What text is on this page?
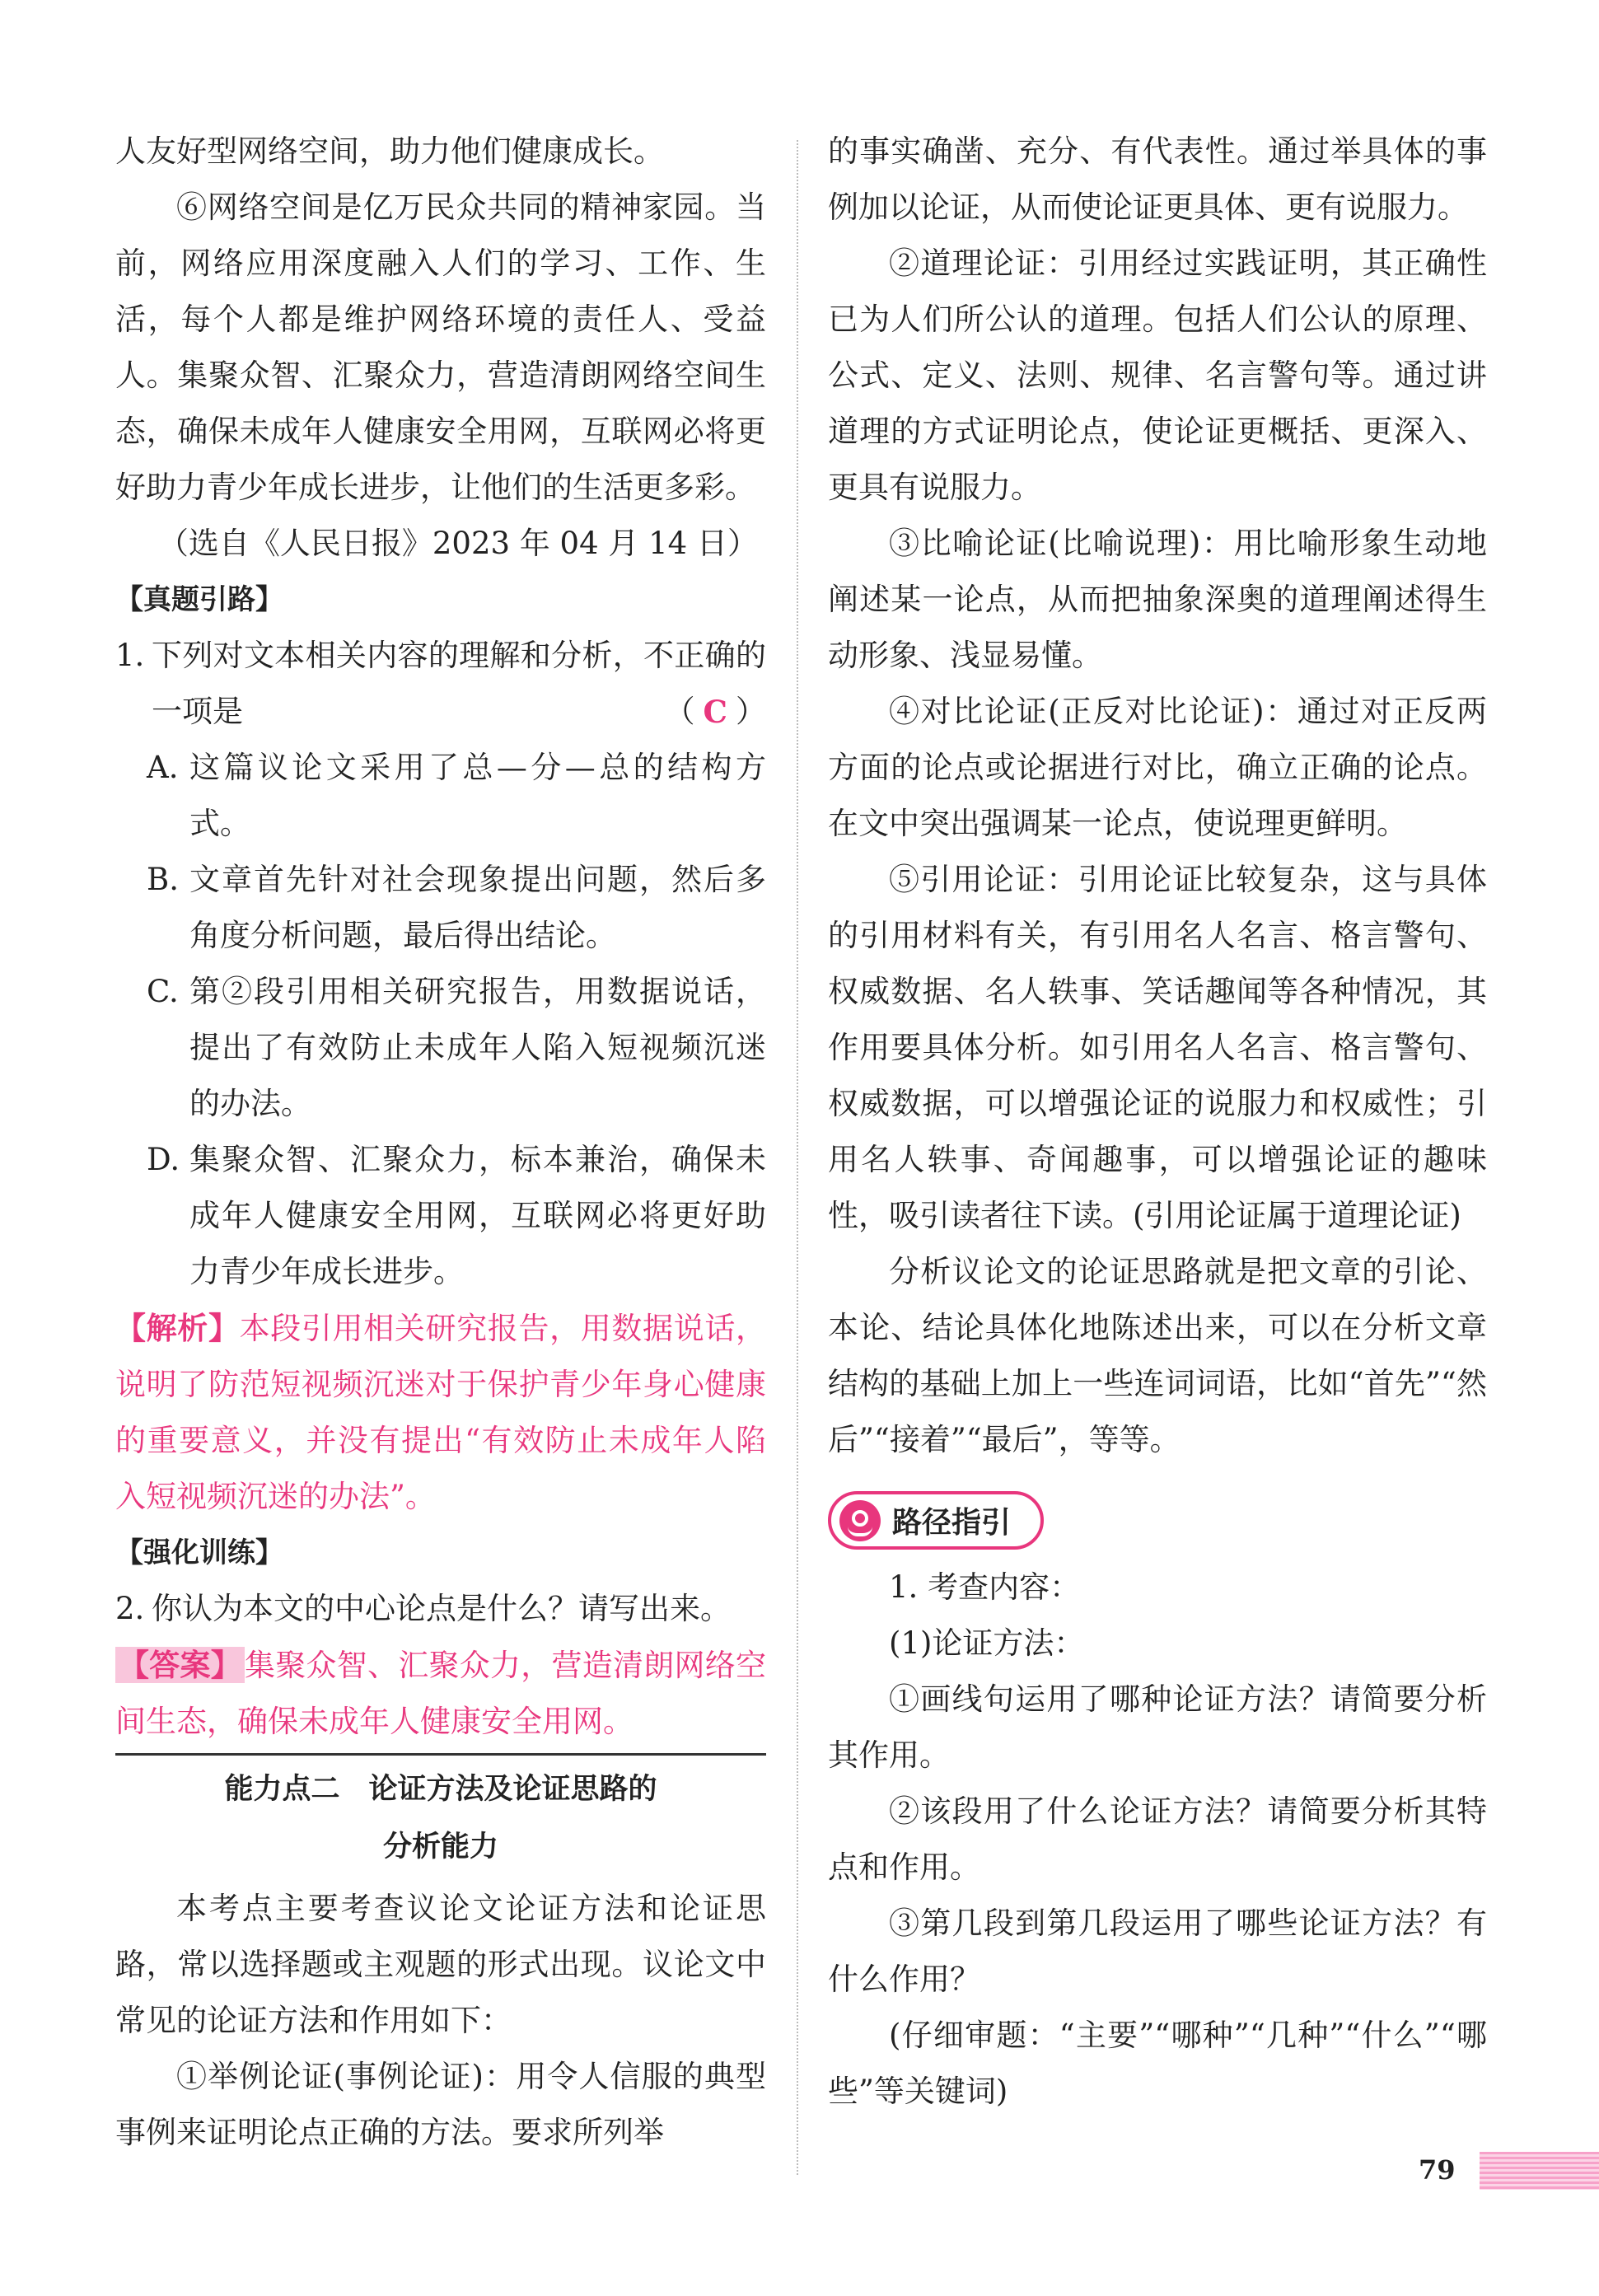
人友好型网络空间，助力他们健康成长。

⑥网络空间是亿万民众共同的精神家园。当前，网络应用深度融入人们的学习、工作、生活，每个人都是维护网络环境的责任人、受益人。集聚众智、汇聚众力，营造清朗网络空间生态，确保未成年人健康安全用网，互联网必将更好助力青少年成长进步，让他们的生活更多彩。

（选自《人民日报》2023 年 04 月 14 日）

【真题引路】

1. 下列对文本相关内容的理解和分析，不正确的一项是	（ C ）
A. 这篇议论文采用了总—分—总的结构方式。
B. 文章首先针对社会现象提出问题，然后多角度分析问题，最后得出结论。
C. 第②段引用相关研究报告，用数据说话，提出了有效防止未成年人陷入短视频沉迷的办法。
D. 集聚众智、汇聚众力，标本兼治，确保未成年人健康安全用网，互联网必将更好助力青少年成长进步。

【解析】本段引用相关研究报告，用数据说话，说明了防范短视频沉迷对于保护青少年身心健康的重要意义，并没有提出“有效防止未成年人陷入短视频沉迷的办法”。

【强化训练】

2. 你认为本文的中心论点是什么？请写出来。

【答案】 集聚众智、汇聚众力，营造清朗网络空间生态，确保未成年人健康安全用网。

能力点二　论证方法及论证思路的
分析能力

本考点主要考查议论文论证方法和论证思路，常以选择题或主观题的形式出现。议论文中常见的论证方法和作用如下：

①举例论证(事例论证)：用令人信服的典型事例来证明论点正确的方法。要求所列举

的事实确凿、充分、有代表性。通过举具体的事例加以论证，从而使论证更具体、更有说服力。

②道理论证：引用经过实践证明，其正确性已为人们所公认的道理。包括人们公认的原理、公式、定义、法则、规律、名言警句等。通过讲道理的方式证明论点，使论证更概括、更深入、更具有说服力。

③比喻论证(比喻说理)：用比喻形象生动地阐述某一论点，从而把抽象深奥的道理阐述得生动形象、浅显易懂。

④对比论证(正反对比论证)：通过对正反两方面的论点或论据进行对比，确立正确的论点。在文中突出强调某一论点，使说理更鲜明。

⑤引用论证：引用论证比较复杂，这与具体的引用材料有关，有引用名人名言、格言警句、权威数据、名人轶事、笑话趣闻等各种情况，其作用要具体分析。如引用名人名言、格言警句、权威数据，可以增强论证的说服力和权威性；引用名人轶事、奇闻趣事，可以增强论证的趣味性，吸引读者往下读。(引用论证属于道理论证)

分析议论文的论证思路就是把文章的引论、本论、结论具体化地陈述出来，可以在分析文章结构的基础上加上一些连词词语，比如“首先”“然后”“接着”“最后”，等等。

路径指引

1. 考查内容：

(1)论证方法：

①画线句运用了哪种论证方法？请简要分析其作用。

②该段用了什么论证方法？请简要分析其特点和作用。

③第几段到第几段运用了哪些论证方法？有什么作用？

(仔细审题：“主要”“哪种”“几种”“什么”“哪些”等关键词)

79
